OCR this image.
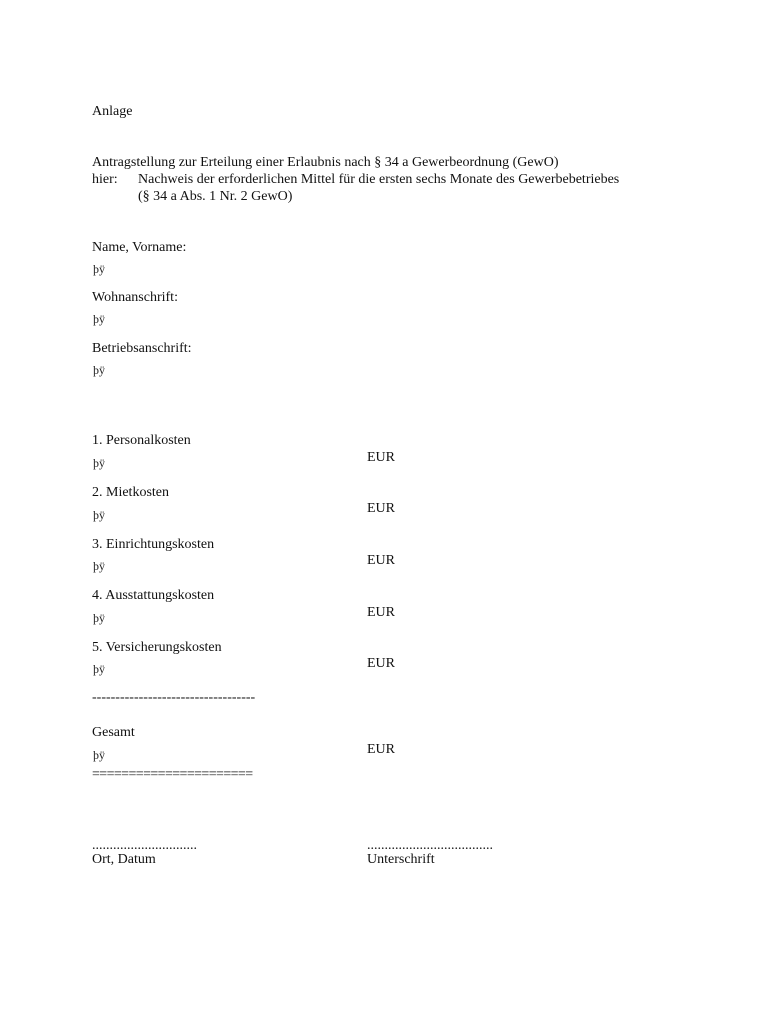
Anlage
Antragstellung zur Erteilung einer Erlaubnis nach § 34 a Gewerbeordnung (GewO)
hier: Nachweis der erforderlichen Mittel für die ersten sechs Monate des Gewerbebetriebes
(§ 34 a Abs. 1 Nr. 2 GewO)
Name, Vorname:
þÿ
Wohnanschrift:
þÿ
Betriebsanschrift:
þÿ
1. Personalkosten
þÿ	EUR
2. Mietkosten
þÿ	EUR
3. Einrichtungskosten
þÿ	EUR
4. Ausstattungskosten
þÿ	EUR
5. Versicherungskosten
þÿ	EUR
-----------------------------------
Gesamt
þÿ	EUR
======================
..............................
Ort, Datum
....................................
Unterschrift
